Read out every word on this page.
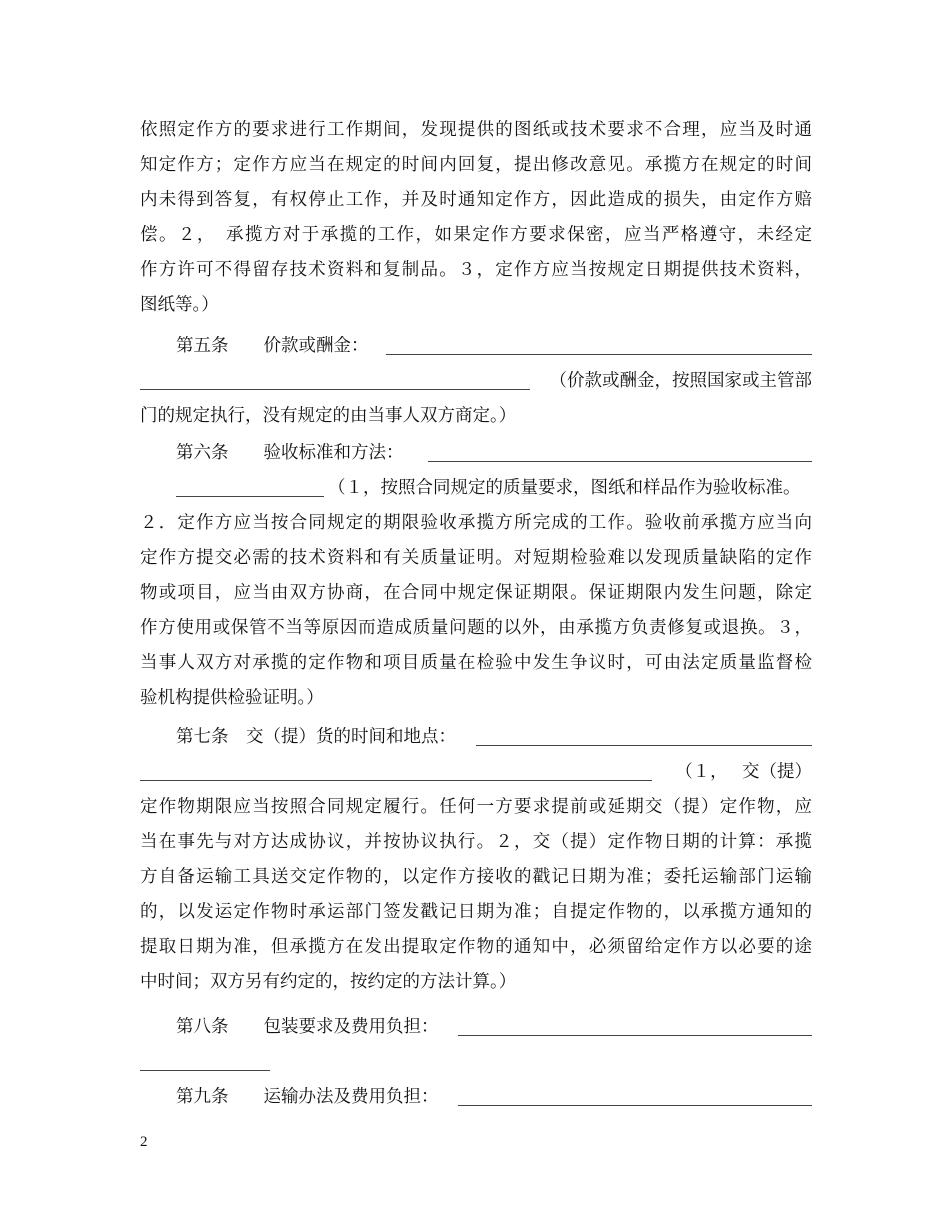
依照定作方的要求进行工作期间，发现提供的图纸或技术要求不合理，应当及时通
知定作方；定作方应当在规定的时间内回复，提出修改意见。承揽方在规定的时间
内未得到答复，有权停止工作，并及时通知定作方，因此造成的损失，由定作方赔
偿。２，　承揽方对于承揽的工作，如果定作方要求保密，应当严格遵守，未经定
作方许可不得留存技术资料和复制品。３，定作方应当按规定日期提供技术资料，
图纸等。）
第五条　　价款或酬金：
（价款或酬金，按照国家或主管部
门的规定执行，没有规定的由当事人双方商定。）
第六条　　验收标准和方法：
（１，按照合同规定的质量要求，图纸和样品作为验收标准。
２．定作方应当按合同规定的期限验收承揽方所完成的工作。验收前承揽方应当向
定作方提交必需的技术资料和有关质量证明。对短期检验难以发现质量缺陷的定作
物或项目，应当由双方协商，在合同中规定保证期限。保证期限内发生问题，除定
作方使用或保管不当等原因而造成质量问题的以外，由承揽方负责修复或退换。３，
当事人双方对承揽的定作物和项目质量在检验中发生争议时，可由法定质量监督检
验机构提供检验证明。）
第七条　交（提）货的时间和地点：
（１，　 交（提）
定作物期限应当按照合同规定履行。任何一方要求提前或延期交（提）定作物，应
当在事先与对方达成协议，并按协议执行。２，交（提）定作物日期的计算：承揽
方自备运输工具送交定作物的，以定作方接收的戳记日期为准；委托运输部门运输
的，以发运定作物时承运部门签发戳记日期为准；自提定作物的，以承揽方通知的
提取日期为准，但承揽方在发出提取定作物的通知中，必须留给定作方以必要的途
中时间；双方另有约定的，按约定的方法计算。）
第八条　　包装要求及费用负担：
第九条　　运输办法及费用负担：
2
